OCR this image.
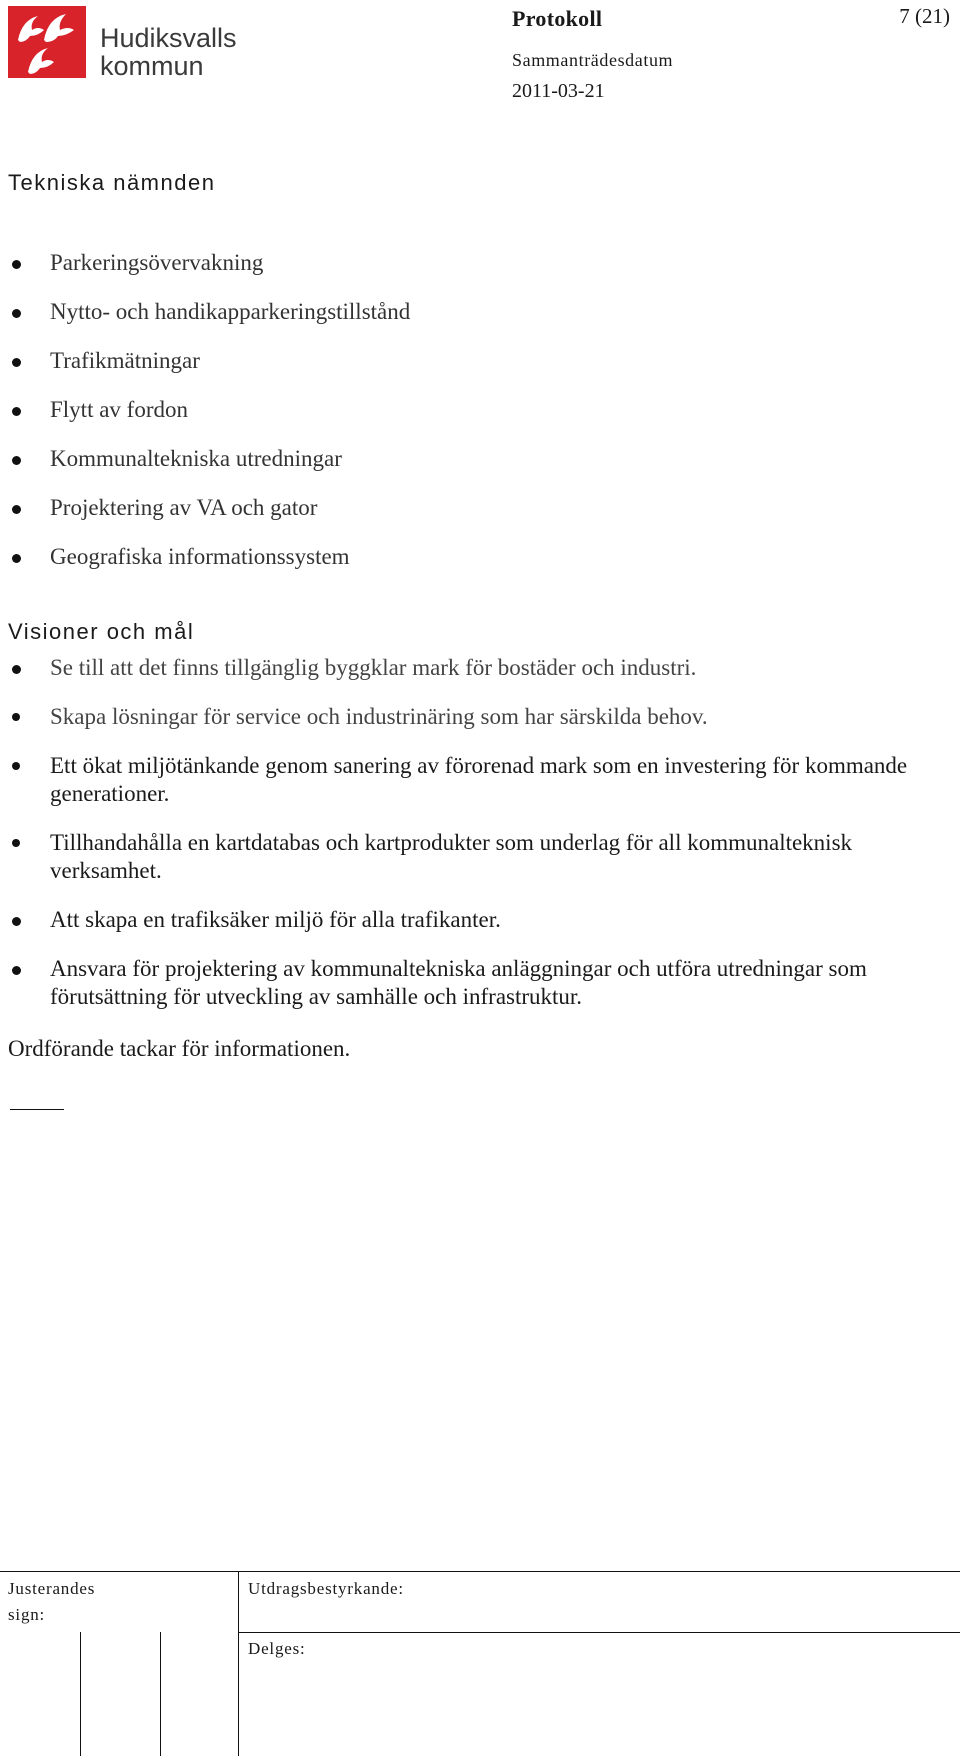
Hudiksvalls
kommun
Protokoll	7 (21)
Sammanträdesdatum
2011-03-21
Tekniska nämnden
Parkeringsövervakning
Nytto- och handikapparkeringstillstånd
Trafikmätningar
Flytt av fordon
Kommunaltekniska utredningar
Projektering av VA och gator
Geografiska informationssystem
Visioner och mål
Se till att det finns tillgänglig byggklar mark för bostäder och industri.
Skapa lösningar för service och industrinäring som har särskilda behov.
Ett ökat miljötänkande genom sanering av förorenad mark som en investering för kommande generationer.
Tillhandahålla en kartdatabas och kartprodukter som underlag för all kommunalteknisk verksamhet.
Att skapa en trafiksäker miljö för alla trafikanter.
Ansvara för projektering av kommunaltekniska anläggningar och utföra utredningar som förutsättning för utveckling av samhälle och infrastruktur.
Ordförande tackar för informationen.
Justerandes
sign:
Utdragsbestyrkande:
Delges:
